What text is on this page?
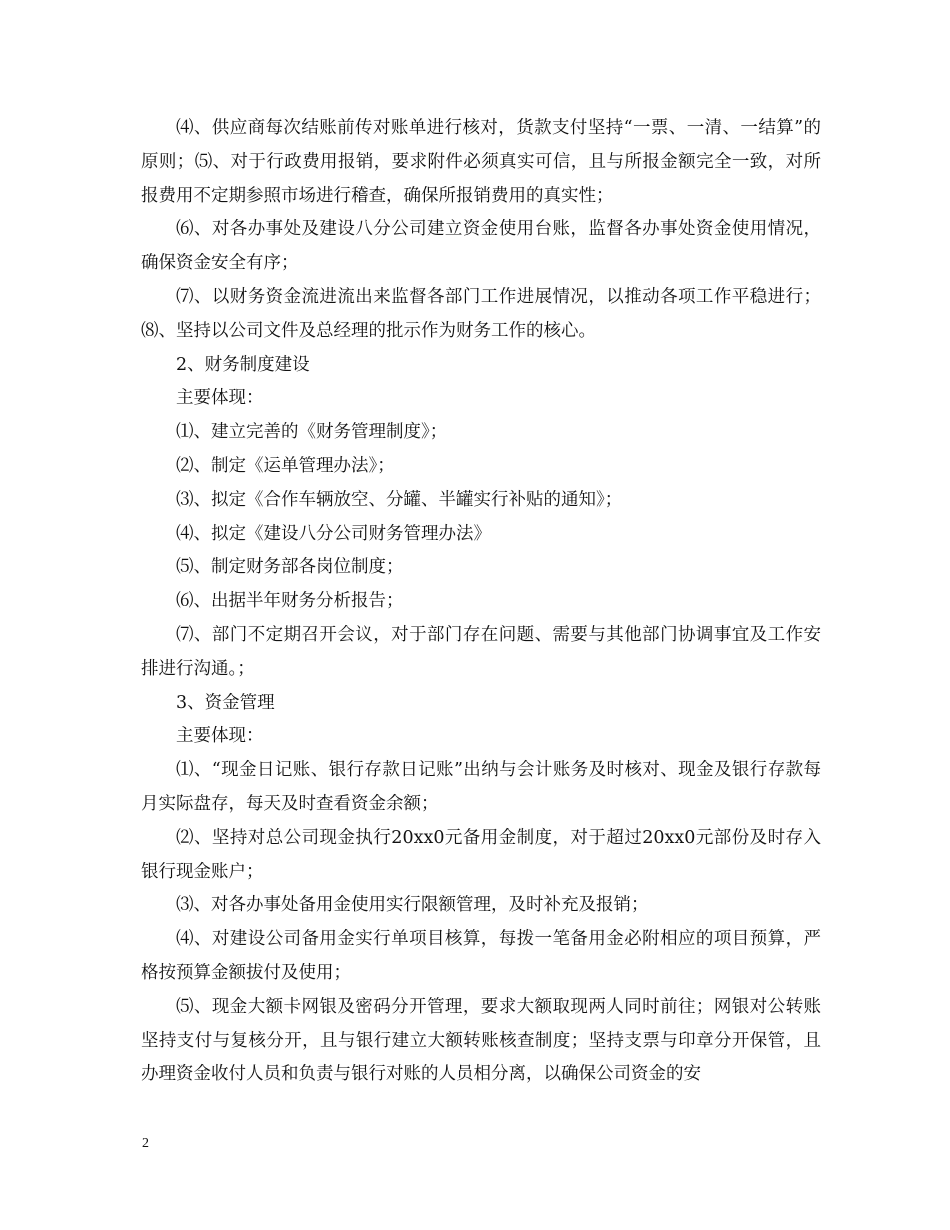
⑷、供应商每次结账前传对账单进行核对，货款支付坚持“一票、一清、一结算”的原则；⑸、对于行政费用报销，要求附件必须真实可信，且与所报金额完全一致，对所报费用不定期参照市场进行稽查，确保所报销费用的真实性；

⑹、对各办事处及建设八分公司建立资金使用台账，监督各办事处资金使用情况，确保资金安全有序；

⑺、以财务资金流进流出来监督各部门工作进展情况，以推动各项工作平稳进行；⑻、坚持以公司文件及总经理的批示作为财务工作的核心。

2、财务制度建设

主要体现：

⑴、建立完善的《财务管理制度》；

⑵、制定《运单管理办法》；

⑶、拟定《合作车辆放空、分罐、半罐实行补贴的通知》；

⑷、拟定《建设八分公司财务管理办法》

⑸、制定财务部各岗位制度；

⑹、出据半年财务分析报告；

⑺、部门不定期召开会议，对于部门存在问题、需要与其他部门协调事宜及工作安排进行沟通。；

3、资金管理

主要体现：

⑴、“现金日记账、银行存款日记账”出纳与会计账务及时核对、现金及银行存款每月实际盘存，每天及时查看资金余额；

⑵、坚持对总公司现金执行20xx0元备用金制度，对于超过20xx0元部份及时存入银行现金账户；

⑶、对各办事处备用金使用实行限额管理，及时补充及报销；

⑷、对建设公司备用金实行单项目核算，每拨一笔备用金必附相应的项目预算，严格按预算金额拔付及使用；

⑸、现金大额卡网银及密码分开管理，要求大额取现两人同时前往；网银对公转账坚持支付与复核分开，且与银行建立大额转账核查制度；坚持支票与印章分开保管，且办理资金收付人员和负责与银行对账的人员相分离，以确保公司资金的安

2
